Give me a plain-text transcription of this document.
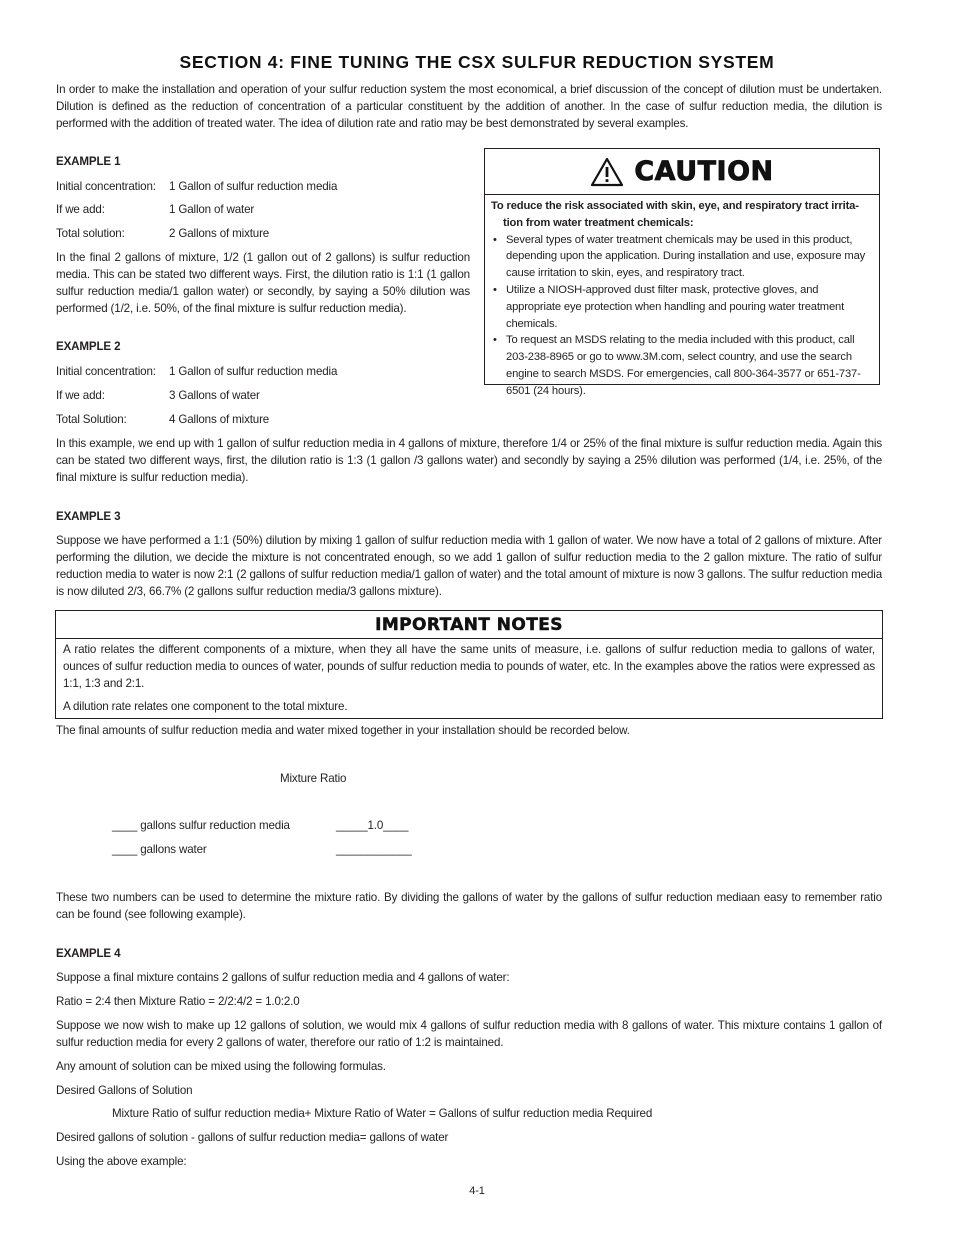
SECTION 4: FINE TUNING THE CSX SULFUR REDUCTION SYSTEM

In order to make the installation and operation of your sulfur reduction system the most economical, a brief discussion of the concept of dilution must be undertaken. Dilution is defined as the reduction of concentration of a particular constituent by the addition of another. In the case of sulfur reduction media, the dilution is performed with the addition of treated water. The idea of dilution rate and ratio may be best demonstrated by several examples.

EXAMPLE 1

Initial concentration: 1 Gallon of sulfur reduction media
If we add:	1 Gallon of water
Total solution:	2 Gallons of mixture

In the final 2 gallons of mixture, 1/2 (1 gallon out of 2 gallons) is sulfur reduction media. This can be stated two different ways. First, the dilution ratio is 1:1 (1 gallon sulfur reduction media/1 gallon water) or secondly, by saying a 50% dilution was performed (1/2, i.e. 50%, of the final mixture is sulfur reduction media).

EXAMPLE 2

Initial concentration: 1 Gallon of sulfur reduction media
If we add:	3 Gallons of water
Total Solution:	4 Gallons of mixture

In this example, we end up with 1 gallon of sulfur reduction media in 4 gallons of mixture, therefore 1/4 or 25% of the final mixture is sulfur reduction media. Again this can be stated two different ways, first, the dilution ratio is 1:3 (1 gallon /3 gallons water) and secondly by saying a 25% dilution was performed (1/4, i.e. 25%, of the final mixture is sulfur reduction media).

CAUTION

To reduce the risk associated with skin, eye, and respiratory tract irrita-
tion from water treatment chemicals:

• Several types of water treatment chemicals may be used in this product, depending upon the application. During installation and use, exposure may cause irritation to skin, eyes, and respiratory tract.
• Utilize a NIOSH-approved dust filter mask, protective gloves, and appropriate eye protection when handling and pouring water treatment chemicals.
• To request an MSDS relating to the media included with this product, call 203-238-8965 or go to www.3M.com, select country, and use the search engine to search MSDS. For emergencies, call 800-364-3577 or 651-737-6501 (24 hours).

EXAMPLE 3

Suppose we have performed a 1:1 (50%) dilution by mixing 1 gallon of sulfur reduction media with 1 gallon of water. We now have a total of 2 gallons of mixture. After performing the dilution, we decide the mixture is not concentrated enough, so we add 1 gallon of sulfur reduction media to the 2 gallon mixture. The ratio of sulfur reduction media to water is now 2:1 (2 gallons of sulfur reduction media/1 gallon of water) and the total amount of mixture is now 3 gallons. The sulfur reduction media is now diluted 2/3, 66.7% (2 gallons sulfur reduction media/3 gallons mixture).

IMPORTANT NOTES

A ratio relates the different components of a mixture, when they all have the same units of measure, i.e. gallons of sulfur reduction media to gallons of water, ounces of sulfur reduction media to ounces of water, pounds of sulfur reduction media to pounds of water, etc. In the examples above the ratios were expressed as 1:1, 1:3 and 2:1.

A dilution rate relates one component to the total mixture.

The final amounts of sulfur reduction media and water mixed together in your installation should be recorded below.

Mixture Ratio
____ gallons sulfur reduction media	_____1.0____
____ gallons water	____________

These two numbers can be used to determine the mixture ratio. By dividing the gallons of water by the gallons of sulfur reduction mediaan easy to remember ratio can be found (see following example).

EXAMPLE 4

Suppose a final mixture contains 2 gallons of sulfur reduction media and 4 gallons of water:
Ratio = 2:4 then Mixture Ratio = 2/2:4/2 = 1.0:2.0

Suppose we now wish to make up 12 gallons of solution, we would mix 4 gallons of sulfur reduction media with 8 gallons of water. This mixture contains 1 gallon of sulfur reduction media for every 2 gallons of water, therefore our ratio of 1:2 is maintained.

Any amount of solution can be mixed using the following formulas.
Desired Gallons of Solution
Mixture Ratio of sulfur reduction media+ Mixture Ratio of Water = Gallons of sulfur reduction media Required
Desired gallons of solution - gallons of sulfur reduction media= gallons of water
Using the above example:
4-1
